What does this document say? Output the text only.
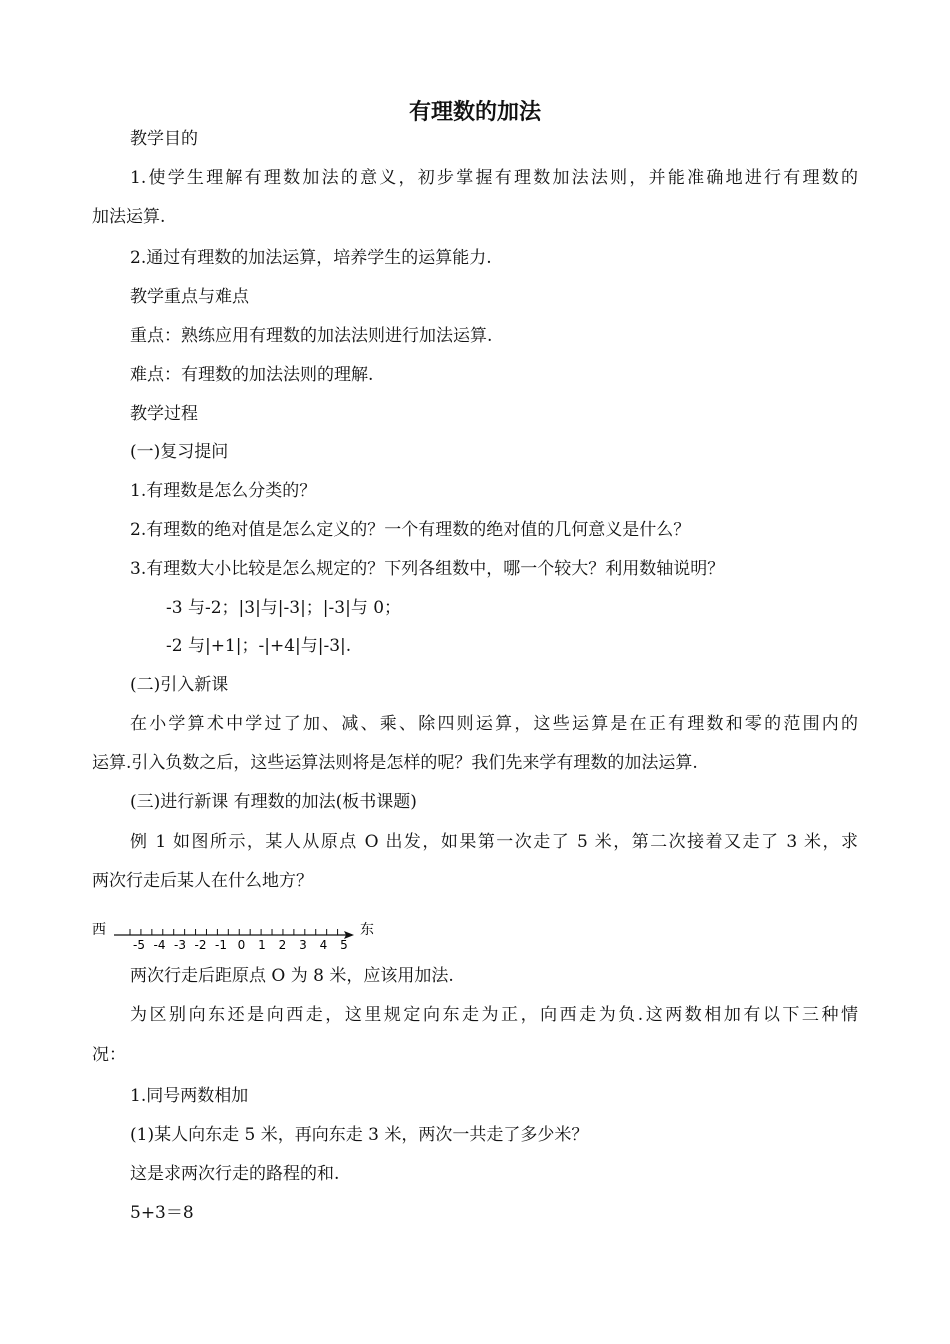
有理数的加法
教学目的
1.使学生理解有理数加法的意义，初步掌握有理数加法法则，并能准确地进行有理数的
加法运算.
2.通过有理数的加法运算，培养学生的运算能力.
教学重点与难点
重点：熟练应用有理数的加法法则进行加法运算.
难点：有理数的加法法则的理解.
教学过程
(一)复习提问
1.有理数是怎么分类的？
2.有理数的绝对值是怎么定义的？一个有理数的绝对值的几何意义是什么？
3.有理数大小比较是怎么规定的？下列各组数中，哪一个较大？利用数轴说明？
-3 与-2；|3|与|-3|；|-3|与 0；
-2 与|+1|；-|+4|与|-3|.
(二)引入新课
在小学算术中学过了加、减、乘、除四则运算，这些运算是在正有理数和零的范围内的
运算.引入负数之后，这些运算法则将是怎样的呢？我们先来学有理数的加法运算.
(三)进行新课 有理数的加法(板书课题)
例 1 如图所示，某人从原点 O 出发，如果第一次走了 5 米，第二次接着又走了 3 米，求
两次行走后某人在什么地方？
西
-5 -4 -3 -2 -1 0 1 2 3 4 5
东
两次行走后距原点 O 为 8 米，应该用加法.
为区别向东还是向西走，这里规定向东走为正，向西走为负.这两数相加有以下三种情
况：
1.同号两数相加
(1)某人向东走 5 米，再向东走 3 米，两次一共走了多少米？
这是求两次行走的路程的和.
5+3＝8
